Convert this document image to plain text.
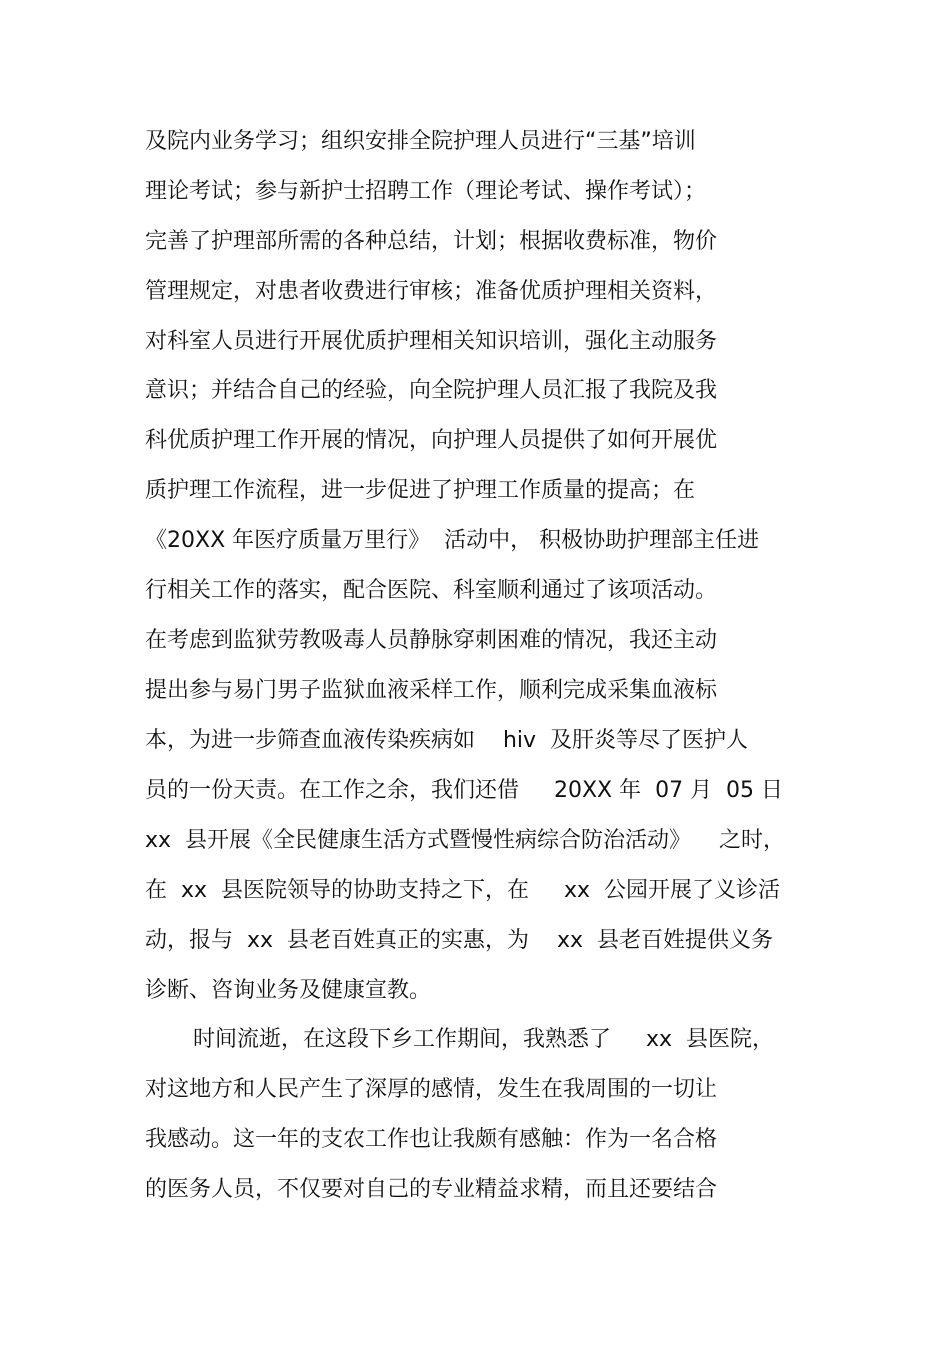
及院内业务学习；组织安排全院护理人员进行“三基”培训
理论考试；参与新护士招聘工作（理论考试、操作考试）；
完善了护理部所需的各种总结，计划；根据收费标准，物价
管理规定，对患者收费进行审核；准备优质护理相关资料，
对科室人员进行开展优质护理相关知识培训，强化主动服务
意识；并结合自己的经验，向全院护理人员汇报了我院及我
科优质护理工作开展的情况，向护理人员提供了如何开展优
质护理工作流程，进一步促进了护理工作质量的提高；在
《20XX 年医疗质量万里行》  活动中， 积极协助护理部主任进
行相关工作的落实，配合医院、科室顺利通过了该项活动。
在考虑到监狱劳教吸毒人员静脉穿刺困难的情况，我还主动
提出参与易门男子监狱血液采样工作，顺利完成采集血液标
本，为进一步筛查血液传染疾病如    hiv  及肝炎等尽了医护人
员的一份天责。在工作之余，我们还借     20XX 年  07 月  05 日
xx  县开展《全民健康生活方式暨慢性病综合防治活动》    之时，
在  xx  县医院领导的协助支持之下，在     xx  公园开展了义诊活
动，报与  xx  县老百姓真正的实惠，为    xx  县老百姓提供义务
诊断、咨询业务及健康宣教。
时间流逝，在这段下乡工作期间，我熟悉了     xx  县医院，
对这地方和人民产生了深厚的感情，发生在我周围的一切让
我感动。这一年的支农工作也让我颇有感触：作为一名合格
的医务人员，不仅要对自己的专业精益求精，而且还要结合
